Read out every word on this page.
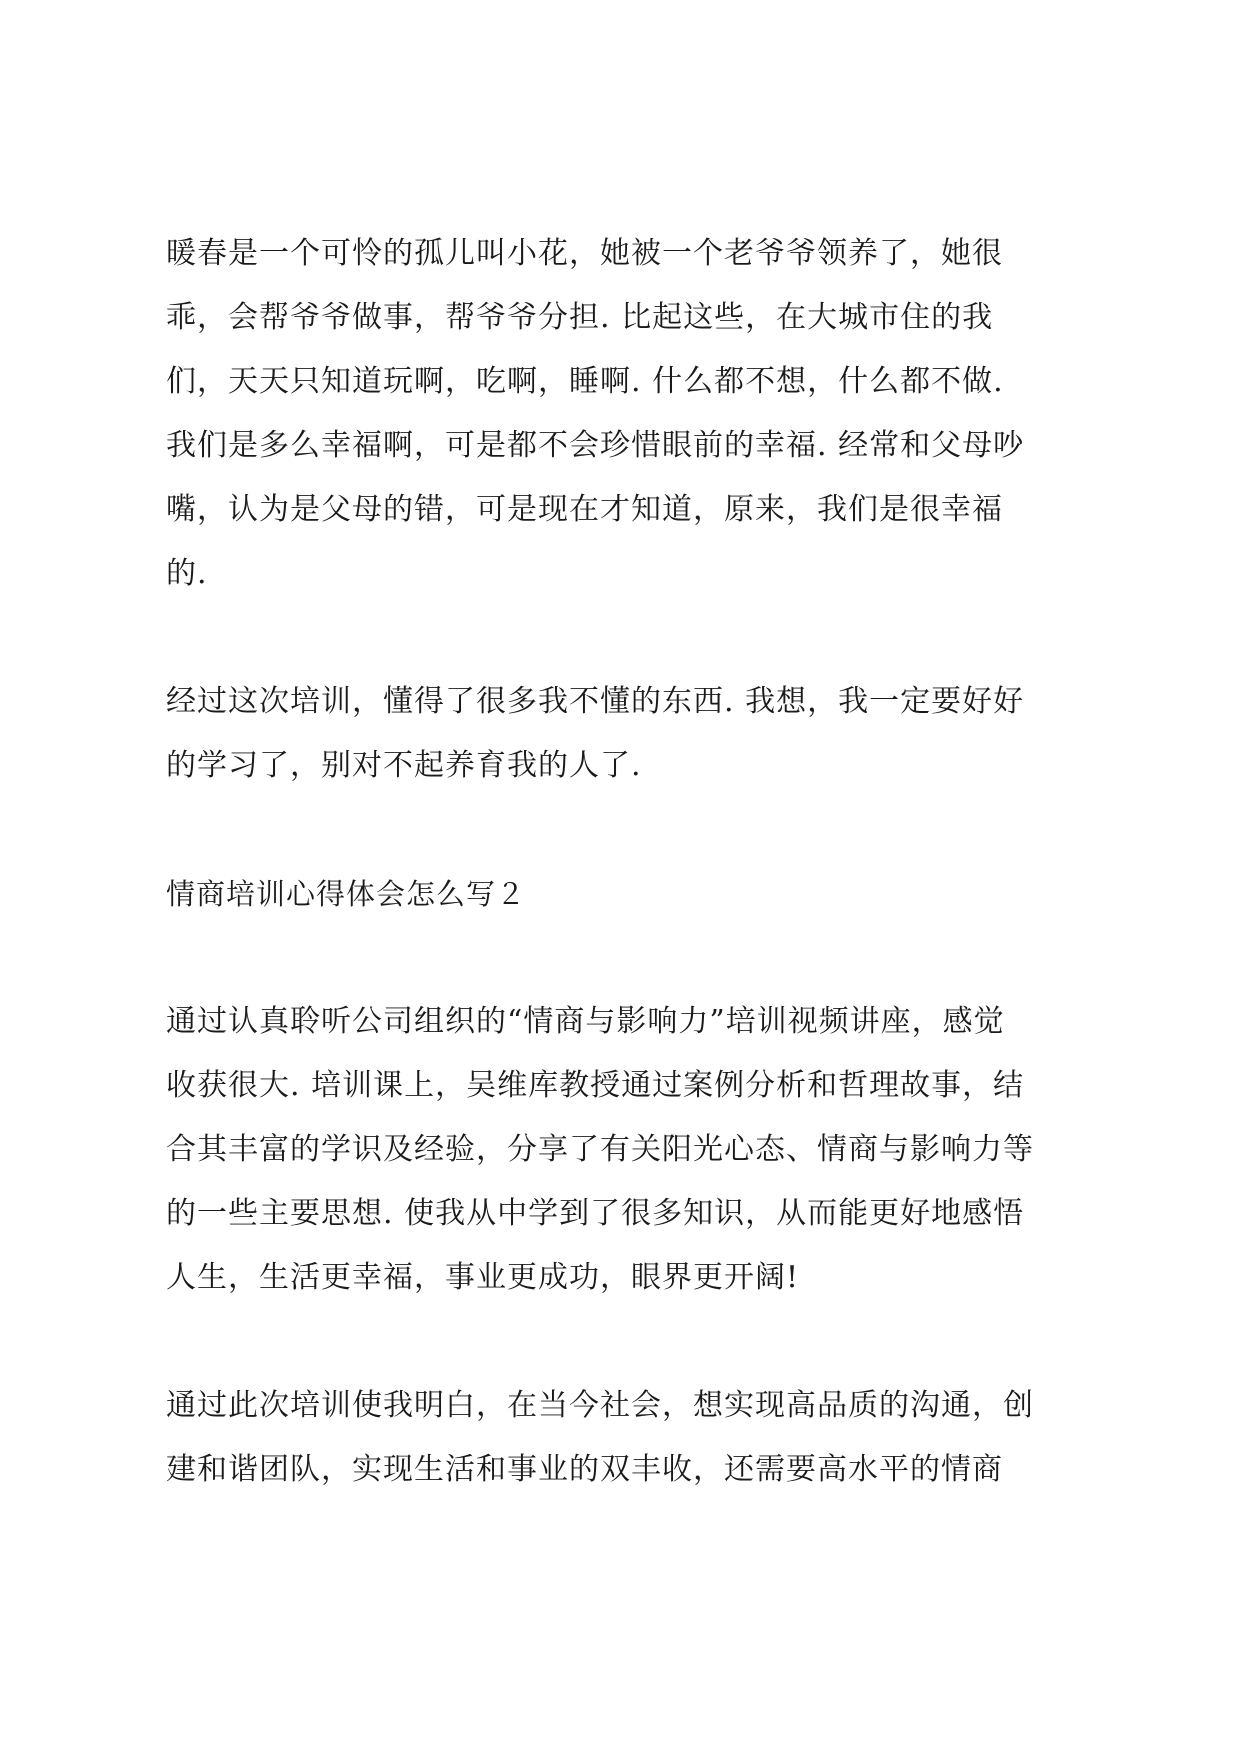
暖春是一个可怜的孤儿叫小花，她被一个老爷爷领养了，她很
乖，会帮爷爷做事，帮爷爷分担. 比起这些，在大城市住的我
们，天天只知道玩啊，吃啊，睡啊. 什么都不想，什么都不做.
我们是多么幸福啊，可是都不会珍惜眼前的幸福. 经常和父母吵
嘴，认为是父母的错，可是现在才知道，原来，我们是很幸福
的.
经过这次培训，懂得了很多我不懂的东西. 我想，我一定要好好
的学习了，别对不起养育我的人了.
情商培训心得体会怎么写２
通过认真聆听公司组织的“情商与影响力”培训视频讲座，感觉
收获很大. 培训课上，吴维库教授通过案例分析和哲理故事，结
合其丰富的学识及经验，分享了有关阳光心态、情商与影响力等
的一些主要思想. 使我从中学到了很多知识，从而能更好地感悟
人生，生活更幸福，事业更成功，眼界更开阔!
通过此次培训使我明白，在当今社会，想实现高品质的沟通，创
建和谐团队，实现生活和事业的双丰收，还需要高水平的情商
